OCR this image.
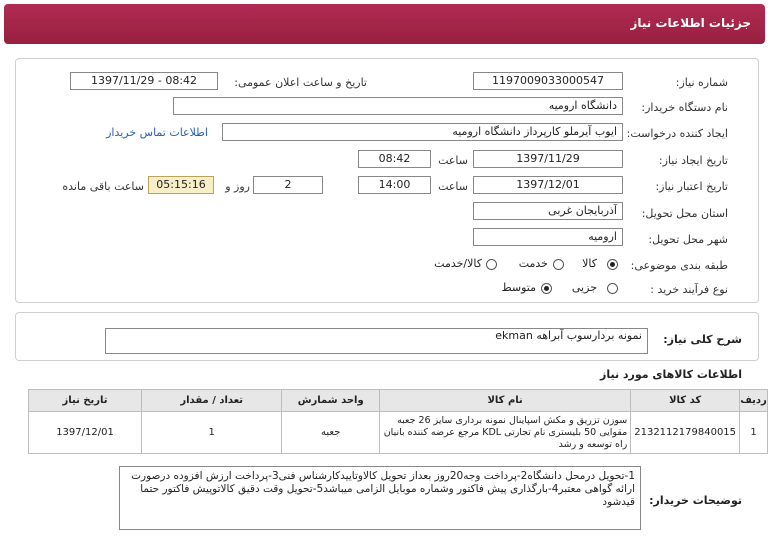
جزئیات اطلاعات نیاز
شماره نیاز:
1197009033000547
تاریخ و ساعت اعلان عمومی:
1397/11/29 - 08:42
نام دستگاه خریدار:
دانشگاه ارومیه
ایجاد کننده درخواست:
ایوب آیرملو کارپرداز دانشگاه ارومیه
اطلاعات تماس خریدار
تاریخ ایجاد نیاز:
1397/11/29
ساعت
08:42
تاریخ اعتبار نیاز:
1397/12/01
ساعت
14:00
2
روز و
05:15:16
ساعت باقی مانده
استان محل تحویل:
آذربایجان غربی
شهر محل تحویل:
ارومیه
طبقه بندی موضوعی:
کالا
خدمت
کالا/خدمت
نوع فرآیند خرید :
جزیی
متوسط
شرح کلی نیاز:
نمونه بردارسوب آبراهه ekman
اطلاعات کالاهای مورد نیاز
ردیف	کد کالا	نام کالا	واحد شمارش	تعداد / مقدار	تاریخ نیاز
1	2132112179840015	سوزن تزریق و مکش اسپاینال نمونه برداری سایز 26 جعبه مقوایی 50 بلیستری نام تجارتی KDL مرجع عرضه کننده بانیان راه توسعه و رشد	جعبه	1	1397/12/01
توضیحات خریدار:
1-تحویل درمحل دانشگاه2-پرداخت وجه20روز بعداز تحویل کالاوتاییدکارشناس فنی3-پرداخت ارزش افزوده درصورت ارائه گواهی معتبر4-بارگذاری پیش فاکتور وشماره موبایل الزامی میباشد5-تحویل وقت دقیق کالاتوپیش فاکتور حتما قیدشود
